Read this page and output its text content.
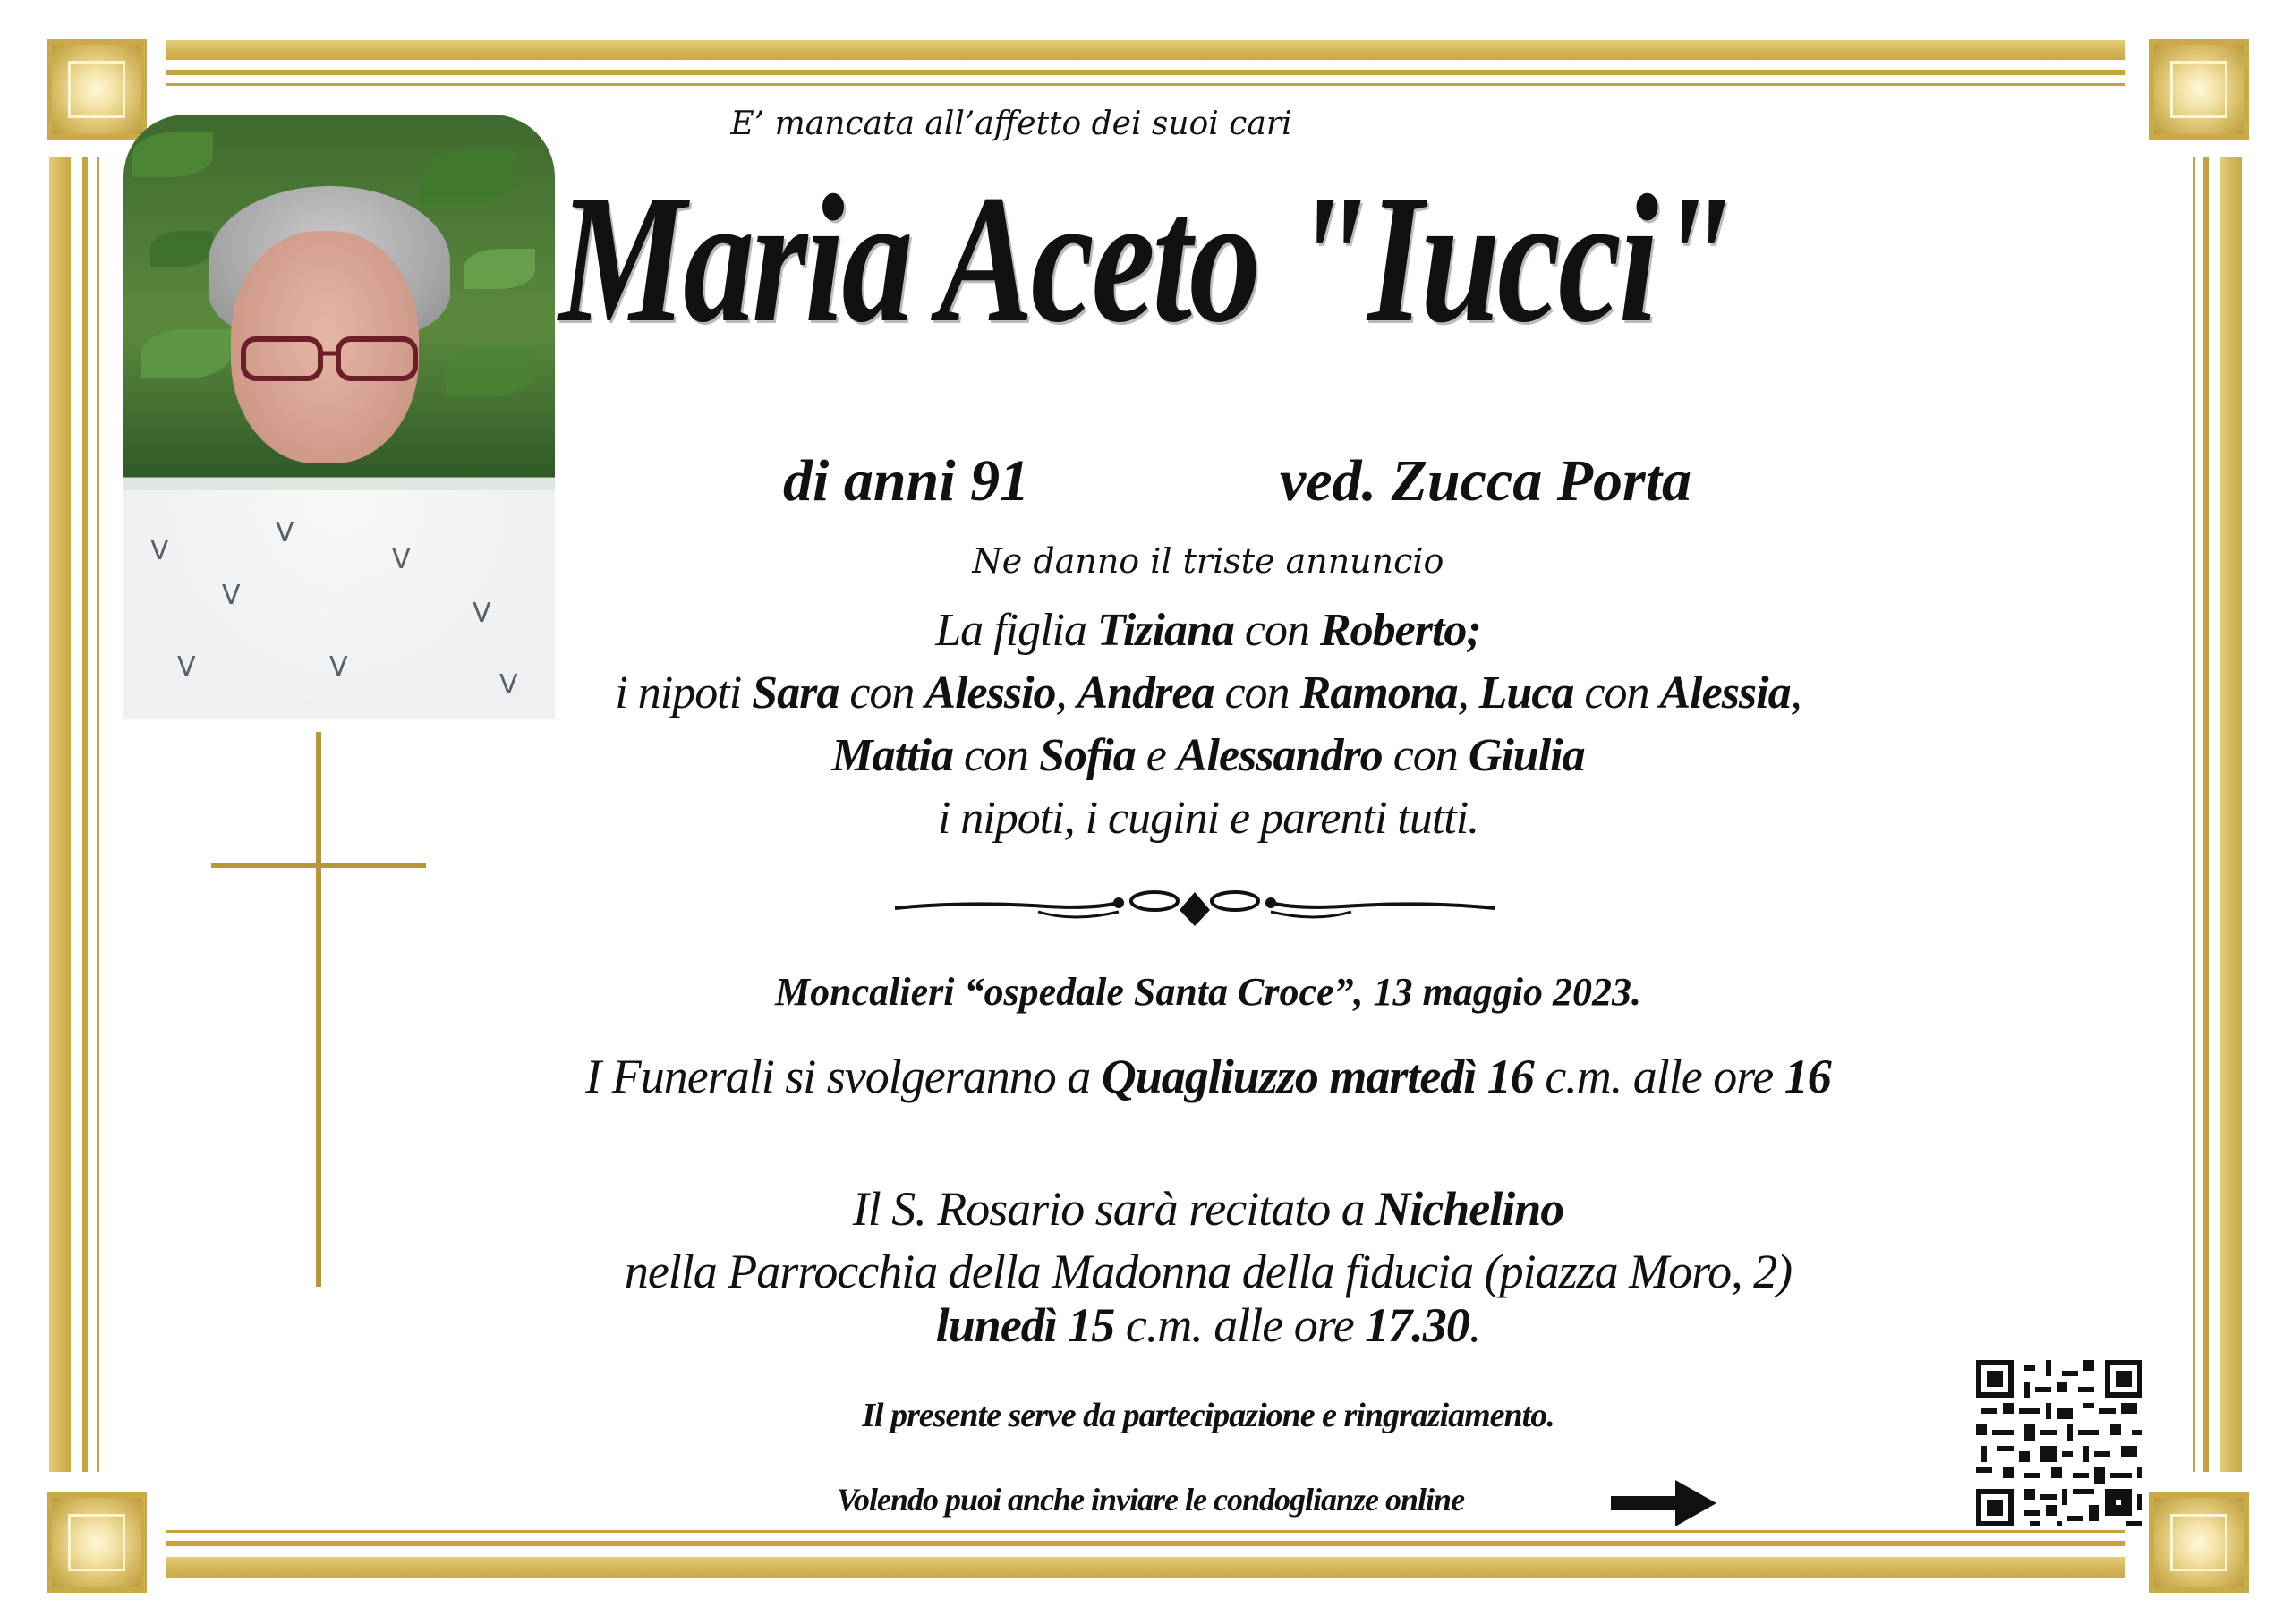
ᐯ
ᐯ
ᐯ
ᐯ
ᐯ
ᐯ
ᐯ
ᐯ
E’ mancata all’affetto dei suoi cari
Maria Aceto "Iucci"
di anni 91	ved. Zucca Porta
Ne danno il triste annuncio
La figlia Tiziana con Roberto;
i nipoti Sara con Alessio, Andrea con Ramona, Luca con Alessia,
Mattia con Sofia e Alessandro con Giulia
i nipoti, i cugini e parenti tutti.
Moncalieri “ospedale Santa Croce”, 13 maggio 2023.
I Funerali si svolgeranno a Quagliuzzo martedì 16 c.m. alle ore 16
Il S. Rosario sarà recitato a Nichelino
nella Parrocchia della Madonna della fiducia (piazza Moro, 2)
lunedì 15 c.m. alle ore 17.30.
Il presente serve da partecipazione e ringraziamento.
Volendo puoi anche inviare le condoglianze online
